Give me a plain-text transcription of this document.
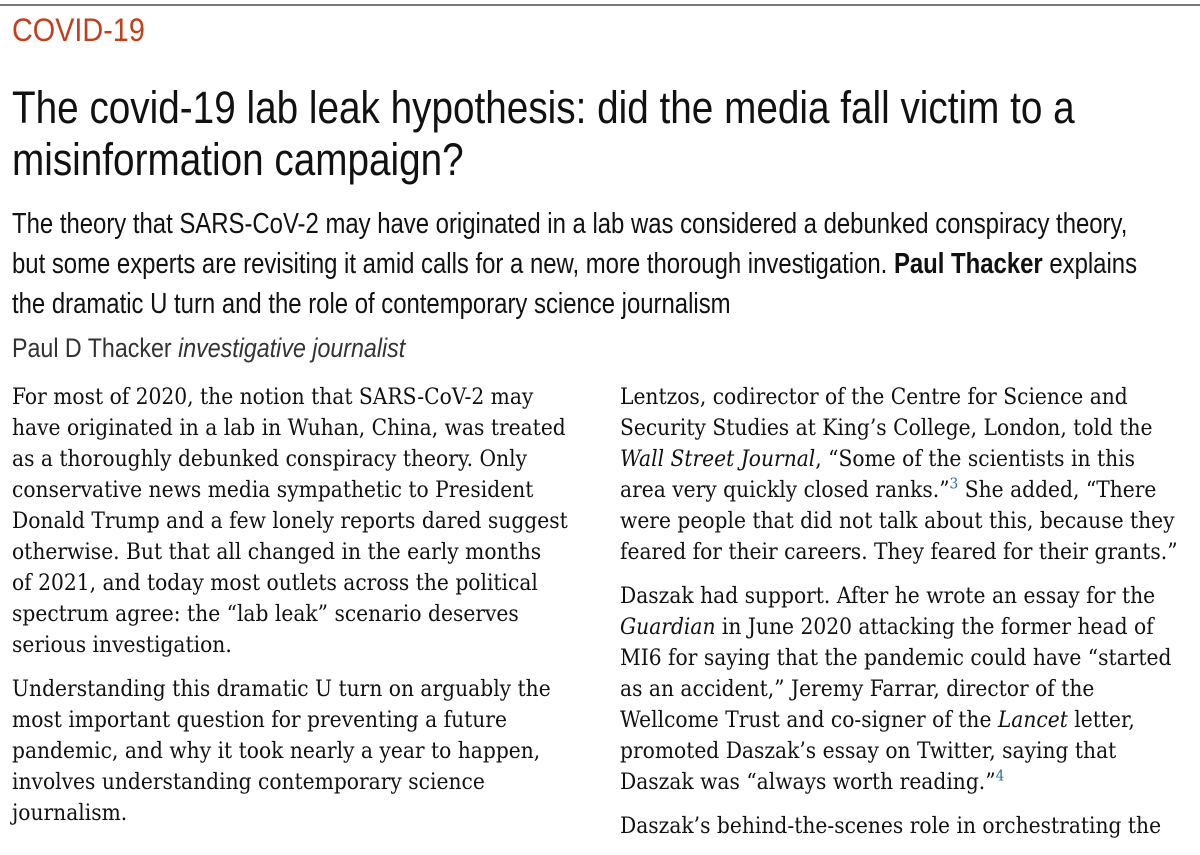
COVID-19
The covid-19 lab leak hypothesis: did the media fall victim to a misinformation campaign?

The theory that SARS-CoV-2 may have originated in a lab was considered a debunked conspiracy theory, but some experts are revisiting it amid calls for a new, more thorough investigation. Paul Thacker explains the dramatic U turn and the role of contemporary science journalism

Paul D Thacker investigative journalist

For most of 2020, the notion that SARS-CoV-2 may
have originated in a lab in Wuhan, China, was treated
as a thoroughly debunked conspiracy theory. Only
conservative news media sympathetic to President
Donald Trump and a few lonely reports dared suggest
otherwise. But that all changed in the early months
of 2021, and today most outlets across the political
spectrum agree: the “lab leak” scenario deserves
serious investigation.

Understanding this dramatic U turn on arguably the
most important question for preventing a future
pandemic, and why it took nearly a year to happen,
involves understanding contemporary science
journalism.

Lentzos, codirector of the Centre for Science and
Security Studies at King’s College, London, told the
Wall Street Journal, “Some of the scientists in this
area very quickly closed ranks.”$^3$ She added, “There
were people that did not talk about this, because they
feared for their careers. They feared for their grants.”

Daszak had support. After he wrote an essay for the
Guardian in June 2020 attacking the former head of
MI6 for saying that the pandemic could have “started
as an accident,” Jeremy Farrar, director of the
Wellcome Trust and co-signer of the Lancet letter,
promoted Daszak’s essay on Twitter, saying that
Daszak was “always worth reading.”$^4$

Daszak’s behind-the-scenes role in orchestrating the
